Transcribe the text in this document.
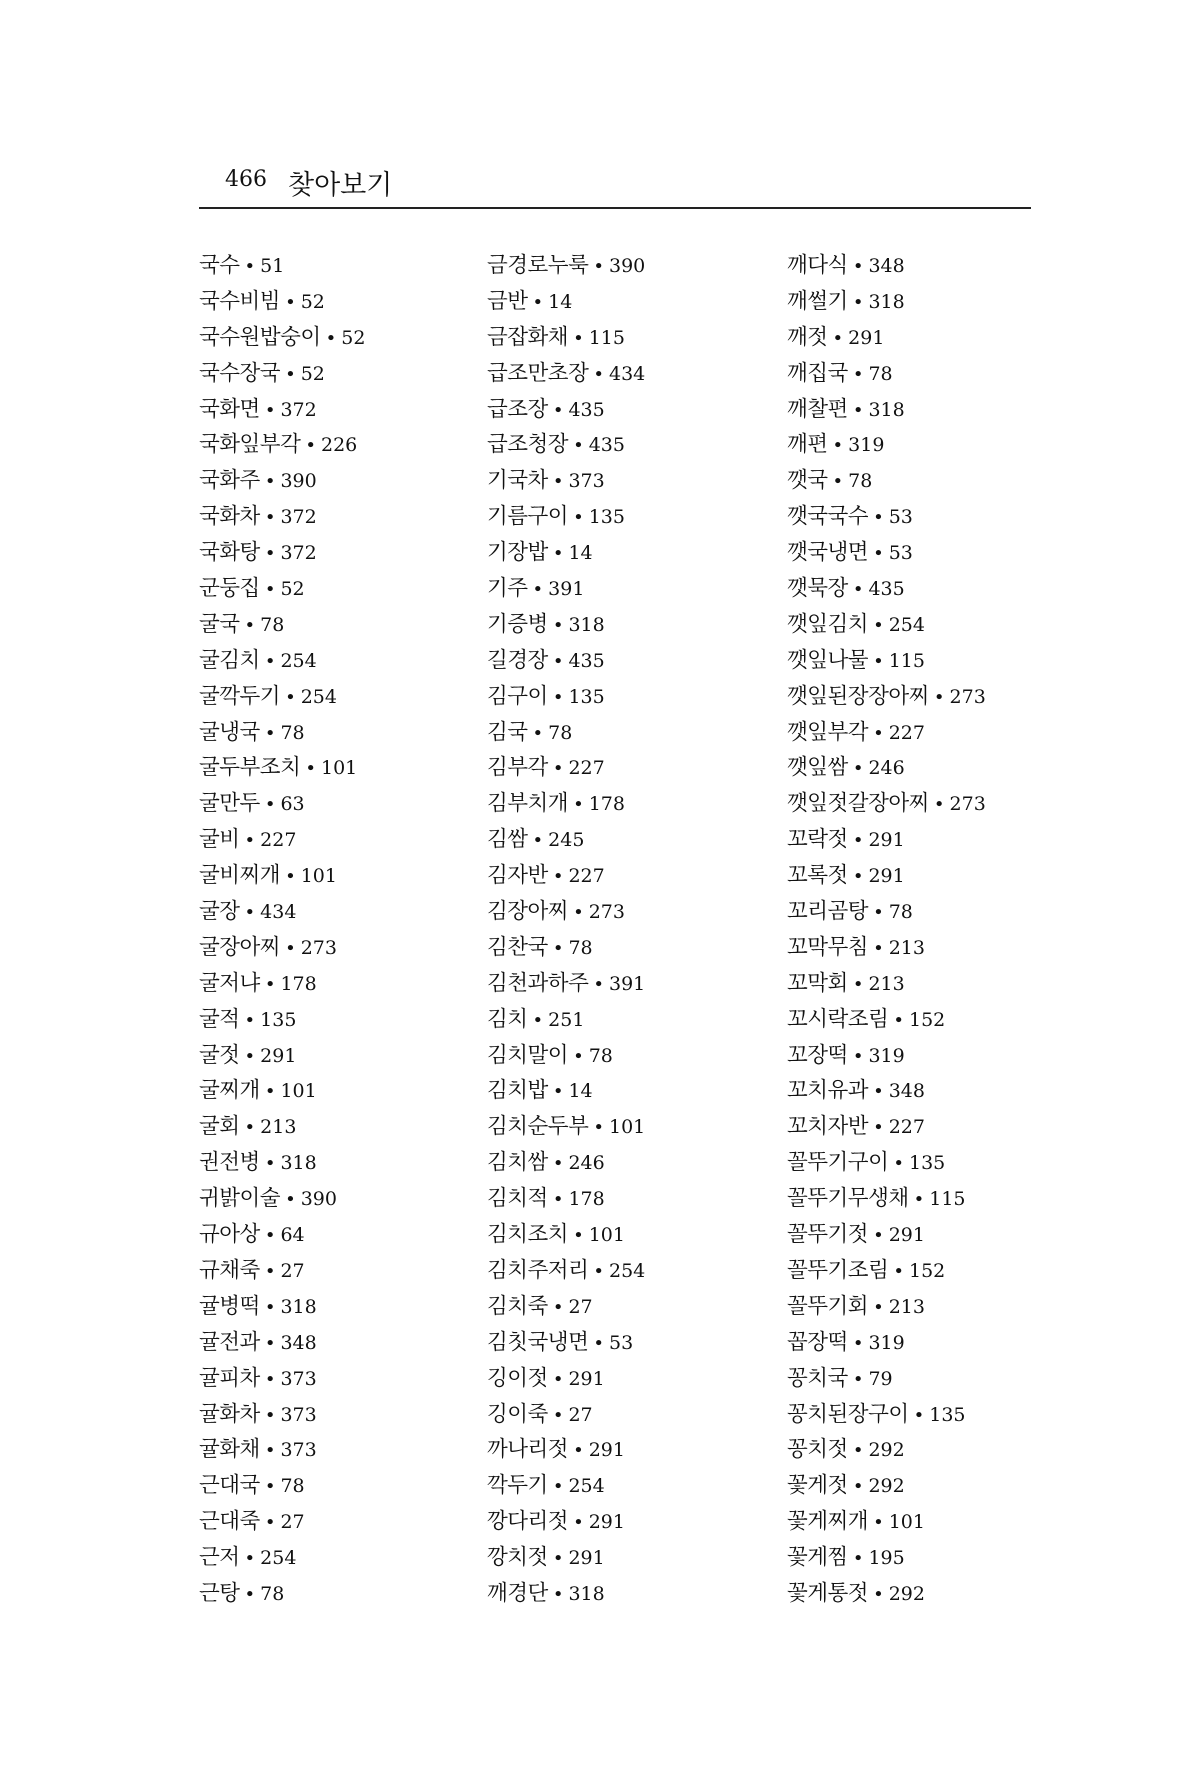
466 찾아보기
국수 • 51
국수비빔 • 52
국수원밥숭이 • 52
국수장국 • 52
국화면 • 372
국화잎부각 • 226
국화주 • 390
국화차 • 372
국화탕 • 372
군둥집 • 52
굴국 • 78
굴김치 • 254
굴깍두기 • 254
굴냉국 • 78
굴두부조치 • 101
굴만두 • 63
굴비 • 227
굴비찌개 • 101
굴장 • 434
굴장아찌 • 273
굴저냐 • 178
굴적 • 135
굴젓 • 291
굴찌개 • 101
굴회 • 213
권전병 • 318
귀밝이술 • 390
규아상 • 64
규채죽 • 27
귤병떡 • 318
귤전과 • 348
귤피차 • 373
귤화차 • 373
귤화채 • 373
근대국 • 78
근대죽 • 27
근저 • 254
근탕 • 78
금경로누룩 • 390
금반 • 14
금잡화채 • 115
급조만초장 • 434
급조장 • 435
급조청장 • 435
기국차 • 373
기름구이 • 135
기장밥 • 14
기주 • 391
기증병 • 318
길경장 • 435
김구이 • 135
김국 • 78
김부각 • 227
김부치개 • 178
김쌈 • 245
김자반 • 227
김장아찌 • 273
김찬국 • 78
김천과하주 • 391
김치 • 251
김치말이 • 78
김치밥 • 14
김치순두부 • 101
김치쌈 • 246
김치적 • 178
김치조치 • 101
김치주저리 • 254
김치죽 • 27
김칫국냉면 • 53
깅이젓 • 291
깅이죽 • 27
까나리젓 • 291
깍두기 • 254
깡다리젓 • 291
깡치젓 • 291
깨경단 • 318
깨다식 • 348
깨썰기 • 318
깨젓 • 291
깨집국 • 78
깨찰편 • 318
깨편 • 319
깻국 • 78
깻국국수 • 53
깻국냉면 • 53
깻묵장 • 435
깻잎김치 • 254
깻잎나물 • 115
깻잎된장장아찌 • 273
깻잎부각 • 227
깻잎쌈 • 246
깻잎젓갈장아찌 • 273
꼬락젓 • 291
꼬록젓 • 291
꼬리곰탕 • 78
꼬막무침 • 213
꼬막회 • 213
꼬시락조림 • 152
꼬장떡 • 319
꼬치유과 • 348
꼬치자반 • 227
꼴뚜기구이 • 135
꼴뚜기무생채 • 115
꼴뚜기젓 • 291
꼴뚜기조림 • 152
꼴뚜기회 • 213
꼽장떡 • 319
꽁치국 • 79
꽁치된장구이 • 135
꽁치젓 • 292
꽃게젓 • 292
꽃게찌개 • 101
꽃게찜 • 195
꽃게통젓 • 292
